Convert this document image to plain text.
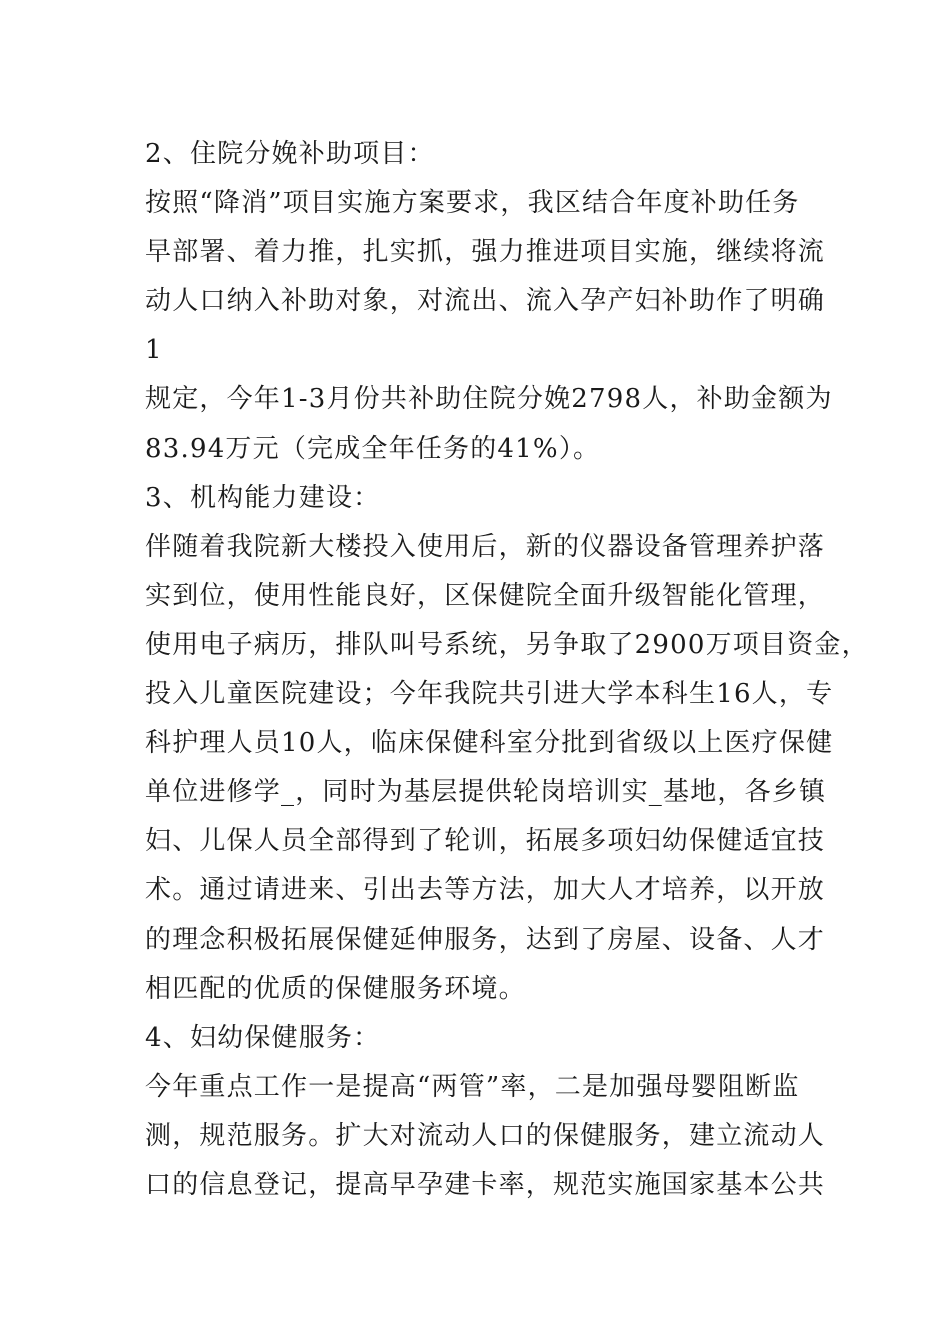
2、住院分娩补助项目：
按照“降消”项目实施方案要求，我区结合年度补助任务
早部署、着力推，扎实抓，强力推进项目实施，继续将流
动人口纳入补助对象，对流出、流入孕产妇补助作了明确
1
规定，今年1-3月份共补助住院分娩2798人，补助金额为
83.94万元（完成全年任务的41%）。
3、机构能力建设：
伴随着我院新大楼投入使用后，新的仪器设备管理养护落
实到位，使用性能良好，区保健院全面升级智能化管理，
使用电子病历，排队叫号系统，另争取了2900万项目资金，
投入儿童医院建设；今年我院共引进大学本科生16人，专
科护理人员10人，临床保健科室分批到省级以上医疗保健
单位进修学_，同时为基层提供轮岗培训实_基地，各乡镇
妇、儿保人员全部得到了轮训，拓展多项妇幼保健适宜技
术。通过请进来、引出去等方法，加大人才培养，以开放
的理念积极拓展保健延伸服务，达到了房屋、设备、人才
相匹配的优质的保健服务环境。
4、妇幼保健服务：
今年重点工作一是提高“两管”率，二是加强母婴阻断监
测，规范服务。扩大对流动人口的保健服务，建立流动人
口的信息登记，提高早孕建卡率，规范实施国家基本公共
